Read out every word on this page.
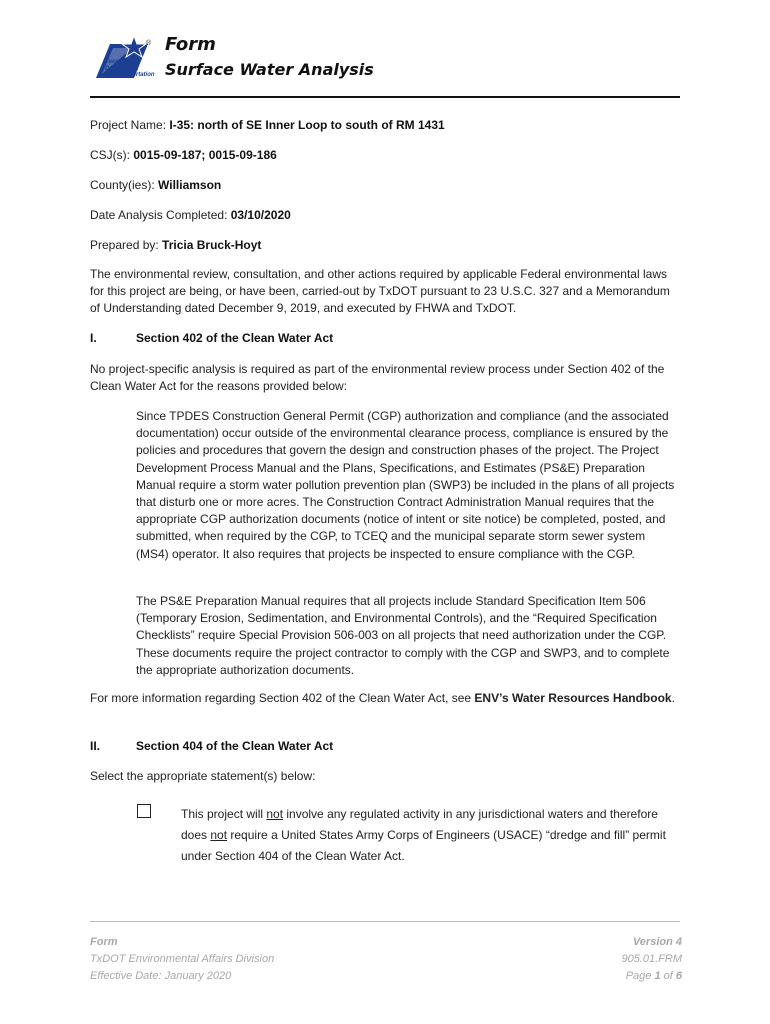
Texas
Department
of Transportation
® Form
Surface Water Analysis
Project Name: I-35: north of SE Inner Loop to south of RM 1431
CSJ(s): 0015-09-187; 0015-09-186
County(ies): Williamson
Date Analysis Completed: 03/10/2020
Prepared by: Tricia Bruck-Hoyt
The environmental review, consultation, and other actions required by applicable Federal environmental laws for this project are being, or have been, carried-out by TxDOT pursuant to 23 U.S.C. 327 and a Memorandum of Understanding dated December 9, 2019, and executed by FHWA and TxDOT.
I.	Section 402 of the Clean Water Act
No project-specific analysis is required as part of the environmental review process under Section 402 of the Clean Water Act for the reasons provided below:
Since TPDES Construction General Permit (CGP) authorization and compliance (and the associated documentation) occur outside of the environmental clearance process, compliance is ensured by the policies and procedures that govern the design and construction phases of the project. The Project Development Process Manual and the Plans, Specifications, and Estimates (PS&E) Preparation Manual require a storm water pollution prevention plan (SWP3) be included in the plans of all projects that disturb one or more acres. The Construction Contract Administration Manual requires that the appropriate CGP authorization documents (notice of intent or site notice) be completed, posted, and submitted, when required by the CGP, to TCEQ and the municipal separate storm sewer system (MS4) operator. It also requires that projects be inspected to ensure compliance with the CGP.
The PS&E Preparation Manual requires that all projects include Standard Specification Item 506 (Temporary Erosion, Sedimentation, and Environmental Controls), and the “Required Specification Checklists” require Special Provision 506-003 on all projects that need authorization under the CGP. These documents require the project contractor to comply with the CGP and SWP3, and to complete the appropriate authorization documents.
For more information regarding Section 402 of the Clean Water Act, see ENV’s Water Resources Handbook.
II.	Section 404 of the Clean Water Act
Select the appropriate statement(s) below:
This project will not involve any regulated activity in any jurisdictional waters and therefore does not require a United States Army Corps of Engineers (USACE) “dredge and fill” permit under Section 404 of the Clean Water Act.
Form
TxDOT Environmental Affairs Division
Effective Date: January 2020
Version 4
905.01.FRM
Page 1 of 6
